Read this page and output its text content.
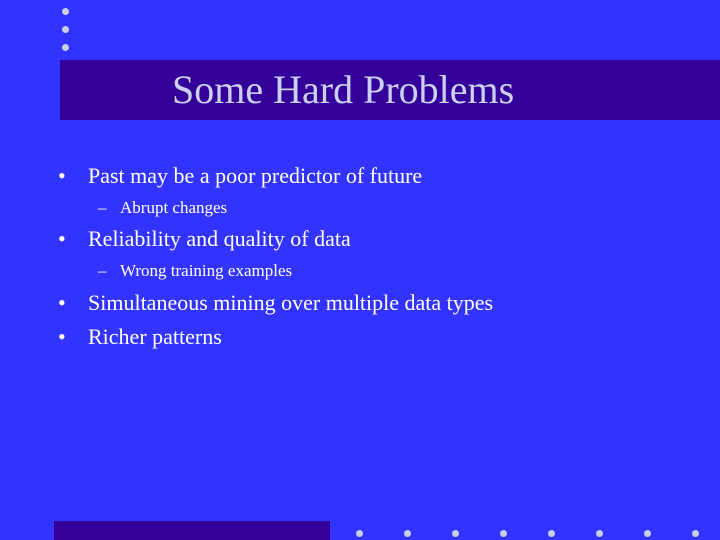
Some Hard Problems
• Past may be a poor predictor of future
– Abrupt changes
• Reliability and quality of data
– Wrong training examples
• Simultaneous mining over multiple data types
• Richer patterns
